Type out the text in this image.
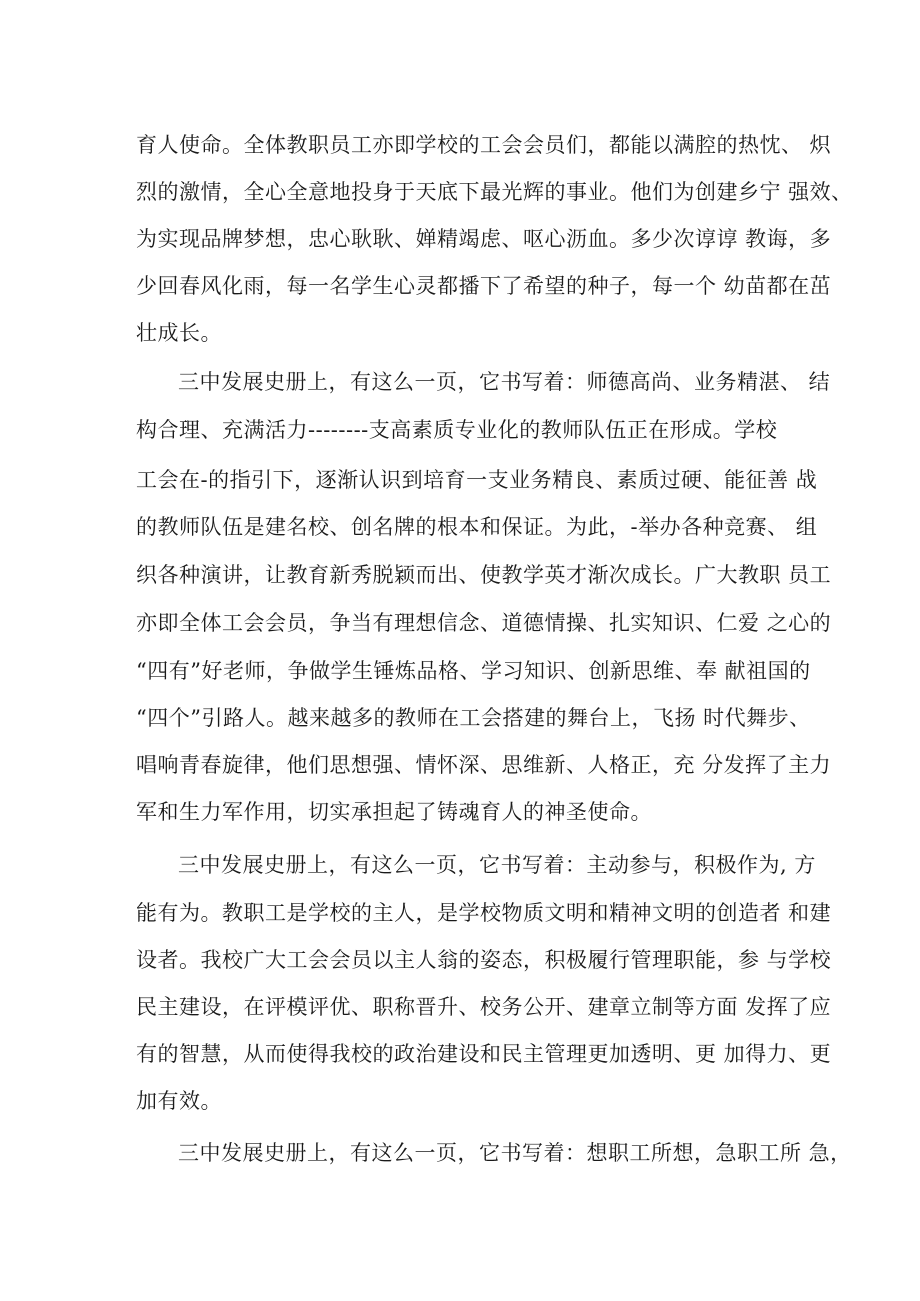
育人使命。全体教职员工亦即学校的工会会员们，都能以满腔的热忱、 炽
烈的激情，全心全意地投身于天底下最光辉的事业。他们为创建乡宁 强效、
为实现品牌梦想，忠心耿耿、婵精竭虑、呕心沥血。多少次谆谆 教诲，多
少回春风化雨，每一名学生心灵都播下了希望的种子，每一个 幼苗都在茁
壮成长。
三中发展史册上，有这么一页，它书写着：师德高尚、业务精湛、 结
构合理、充满活力--------支高素质专业化的教师队伍正在形成。学校
工会在-的指引下，逐渐认识到培育一支业务精良、素质过硬、能征善 战
的教师队伍是建名校、创名牌的根本和保证。为此，-举办各种竞赛、 组
织各种演讲，让教育新秀脱颖而出、使教学英才渐次成长。广大教职 员工
亦即全体工会会员，争当有理想信念、道德情操、扎实知识、仁爱 之心的
“四有”好老师，争做学生锤炼品格、学习知识、创新思维、奉 献祖国的
“四个”引路人。越来越多的教师在工会搭建的舞台上，飞扬 时代舞步、
唱响青春旋律，他们思想强、情怀深、思维新、人格正，充 分发挥了主力
军和生力军作用，切实承担起了铸魂育人的神圣使命。
三中发展史册上，有这么一页，它书写着：主动参与，积极作为, 方
能有为。教职工是学校的主人，是学校物质文明和精神文明的创造者 和建
设者。我校广大工会会员以主人翁的姿态，积极履行管理职能，参 与学校
民主建设，在评模评优、职称晋升、校务公开、建章立制等方面 发挥了应
有的智慧，从而使得我校的政治建设和民主管理更加透明、更 加得力、更
加有效。
三中发展史册上，有这么一页，它书写着：想职工所想，急职工所 急，
